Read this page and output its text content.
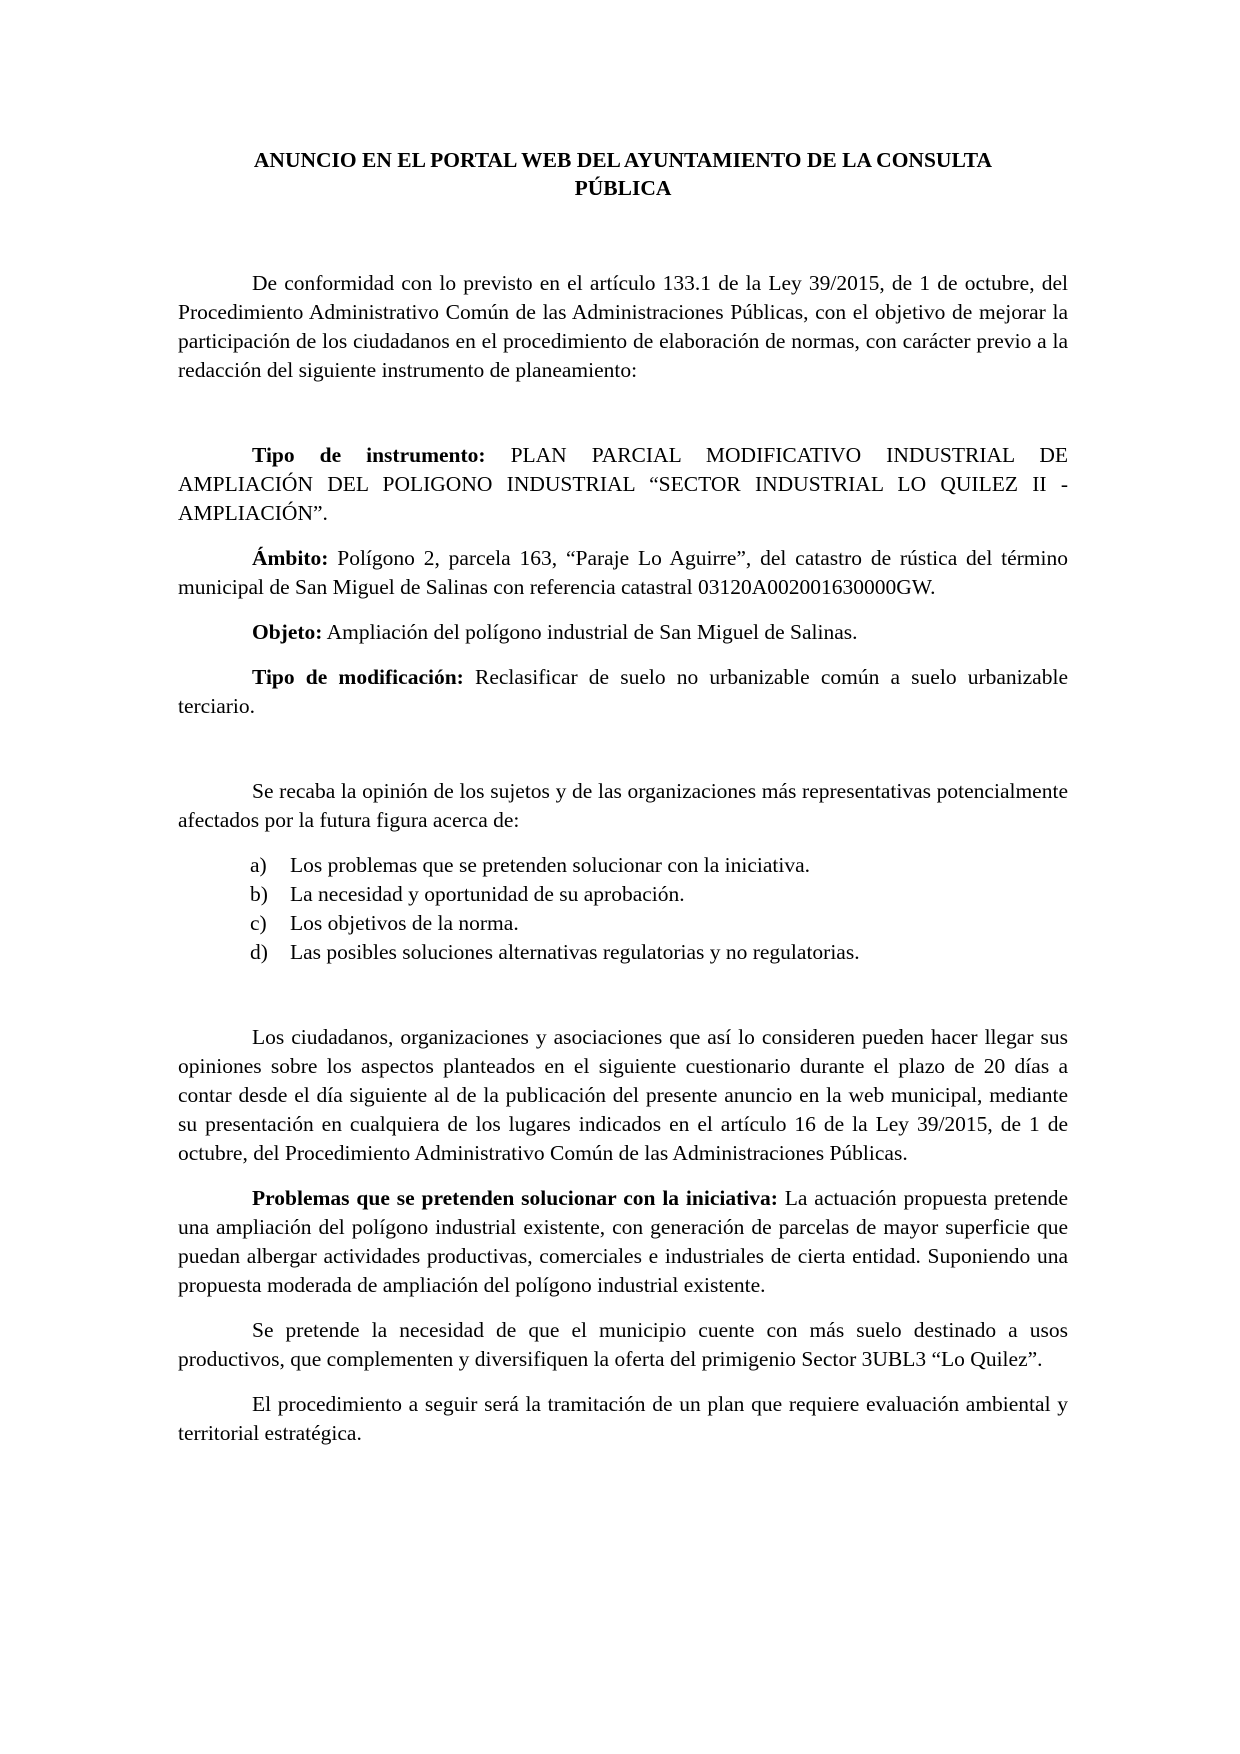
ANUNCIO EN EL PORTAL WEB DEL AYUNTAMIENTO DE LA CONSULTA PÚBLICA

De conformidad con lo previsto en el artículo 133.1 de la Ley 39/2015, de 1 de octubre, del Procedimiento Administrativo Común de las Administraciones Públicas, con el objetivo de mejorar la participación de los ciudadanos en el procedimiento de elaboración de normas, con carácter previo a la redacción del siguiente instrumento de planeamiento:

Tipo de instrumento: PLAN PARCIAL MODIFICATIVO INDUSTRIAL DE AMPLIACIÓN DEL POLIGONO INDUSTRIAL “SECTOR INDUSTRIAL LO QUILEZ II - AMPLIACIÓN”.

Ámbito: Polígono 2, parcela 163, “Paraje Lo Aguirre”, del catastro de rústica del término municipal de San Miguel de Salinas con referencia catastral 03120A002001630000GW.

Objeto: Ampliación del polígono industrial de San Miguel de Salinas.

Tipo de modificación: Reclasificar de suelo no urbanizable común a suelo urbanizable terciario.

Se recaba la opinión de los sujetos y de las organizaciones más representativas potencialmente afectados por la futura figura acerca de:

a) Los problemas que se pretenden solucionar con la iniciativa.
b) La necesidad y oportunidad de su aprobación.
c) Los objetivos de la norma.
d) Las posibles soluciones alternativas regulatorias y no regulatorias.

Los ciudadanos, organizaciones y asociaciones que así lo consideren pueden hacer llegar sus opiniones sobre los aspectos planteados en el siguiente cuestionario durante el plazo de 20 días a contar desde el día siguiente al de la publicación del presente anuncio en la web municipal, mediante su presentación en cualquiera de los lugares indicados en el artículo 16 de la Ley 39/2015, de 1 de octubre, del Procedimiento Administrativo Común de las Administraciones Públicas.

Problemas que se pretenden solucionar con la iniciativa: La actuación propuesta pretende una ampliación del polígono industrial existente, con generación de parcelas de mayor superficie que puedan albergar actividades productivas, comerciales e industriales de cierta entidad. Suponiendo una propuesta moderada de ampliación del polígono industrial existente.

Se pretende la necesidad de que el municipio cuente con más suelo destinado a usos productivos, que complementen y diversifiquen la oferta del primigenio Sector 3UBL3 “Lo Quilez”.

El procedimiento a seguir será la tramitación de un plan que requiere evaluación ambiental y territorial estratégica.
